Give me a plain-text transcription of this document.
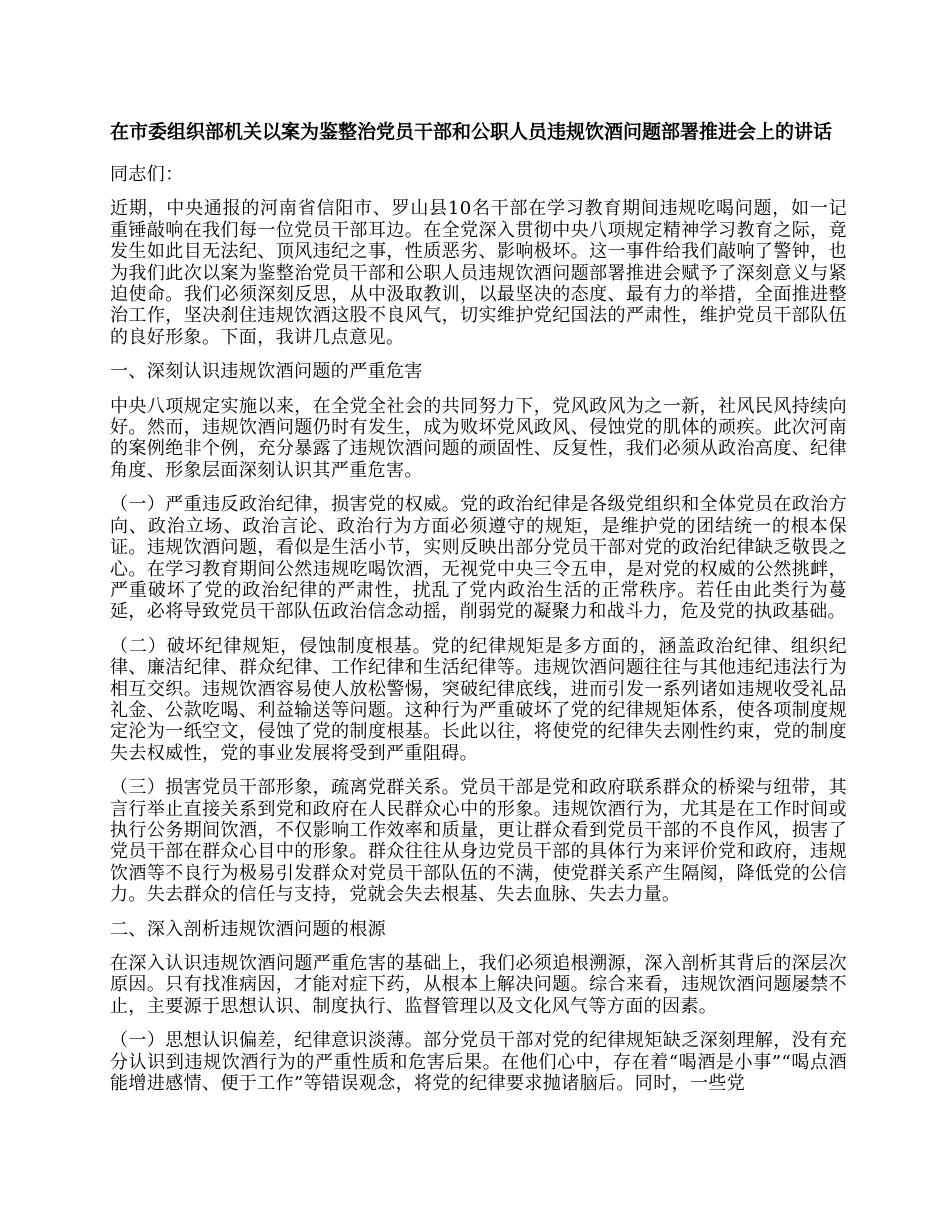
在市委组织部机关以案为鉴整治党员干部和公职人员违规饮酒问题部署推进会上的讲话

同志们：

近期，中央通报的河南省信阳市、罗山县10名干部在学习教育期间违规吃喝问题，如一记重锤敲响在我们每一位党员干部耳边。在全党深入贯彻中央八项规定精神学习教育之际，竟发生如此目无法纪、顶风违纪之事，性质恶劣、影响极坏。这一事件给我们敲响了警钟，也为我们此次以案为鉴整治党员干部和公职人员违规饮酒问题部署推进会赋予了深刻意义与紧迫使命。我们必须深刻反思，从中汲取教训，以最坚决的态度、最有力的举措，全面推进整治工作，坚决刹住违规饮酒这股不良风气，切实维护党纪国法的严肃性，维护党员干部队伍的良好形象。下面，我讲几点意见。

一、深刻认识违规饮酒问题的严重危害

中央八项规定实施以来，在全党全社会的共同努力下，党风政风为之一新，社风民风持续向好。然而，违规饮酒问题仍时有发生，成为败坏党风政风、侵蚀党的肌体的顽疾。此次河南的案例绝非个例，充分暴露了违规饮酒问题的顽固性、反复性，我们必须从政治高度、纪律角度、形象层面深刻认识其严重危害。

（一）严重违反政治纪律，损害党的权威。党的政治纪律是各级党组织和全体党员在政治方向、政治立场、政治言论、政治行为方面必须遵守的规矩，是维护党的团结统一的根本保证。违规饮酒问题，看似是生活小节，实则反映出部分党员干部对党的政治纪律缺乏敬畏之心。在学习教育期间公然违规吃喝饮酒，无视党中央三令五申，是对党的权威的公然挑衅，严重破坏了党的政治纪律的严肃性，扰乱了党内政治生活的正常秩序。若任由此类行为蔓延，必将导致党员干部队伍政治信念动摇，削弱党的凝聚力和战斗力，危及党的执政基础。

（二）破坏纪律规矩，侵蚀制度根基。党的纪律规矩是多方面的，涵盖政治纪律、组织纪律、廉洁纪律、群众纪律、工作纪律和生活纪律等。违规饮酒问题往往与其他违纪违法行为相互交织。违规饮酒容易使人放松警惕，突破纪律底线，进而引发一系列诸如违规收受礼品礼金、公款吃喝、利益输送等问题。这种行为严重破坏了党的纪律规矩体系，使各项制度规定沦为一纸空文，侵蚀了党的制度根基。长此以往，将使党的纪律失去刚性约束，党的制度失去权威性，党的事业发展将受到严重阻碍。

（三）损害党员干部形象，疏离党群关系。党员干部是党和政府联系群众的桥梁与纽带，其言行举止直接关系到党和政府在人民群众心中的形象。违规饮酒行为，尤其是在工作时间或执行公务期间饮酒，不仅影响工作效率和质量，更让群众看到党员干部的不良作风，损害了党员干部在群众心目中的形象。群众往往从身边党员干部的具体行为来评价党和政府，违规饮酒等不良行为极易引发群众对党员干部队伍的不满，使党群关系产生隔阂，降低党的公信力。失去群众的信任与支持，党就会失去根基、失去血脉、失去力量。

二、深入剖析违规饮酒问题的根源

在深入认识违规饮酒问题严重危害的基础上，我们必须追根溯源，深入剖析其背后的深层次原因。只有找准病因，才能对症下药，从根本上解决问题。综合来看，违规饮酒问题屡禁不止，主要源于思想认识、制度执行、监督管理以及文化风气等方面的因素。

（一）思想认识偏差，纪律意识淡薄。部分党员干部对党的纪律规矩缺乏深刻理解，没有充分认识到违规饮酒行为的严重性质和危害后果。在他们心中，存在着“喝酒是小事”“喝点酒能增进感情、便于工作”等错误观念，将党的纪律要求抛诸脑后。同时，一些党
